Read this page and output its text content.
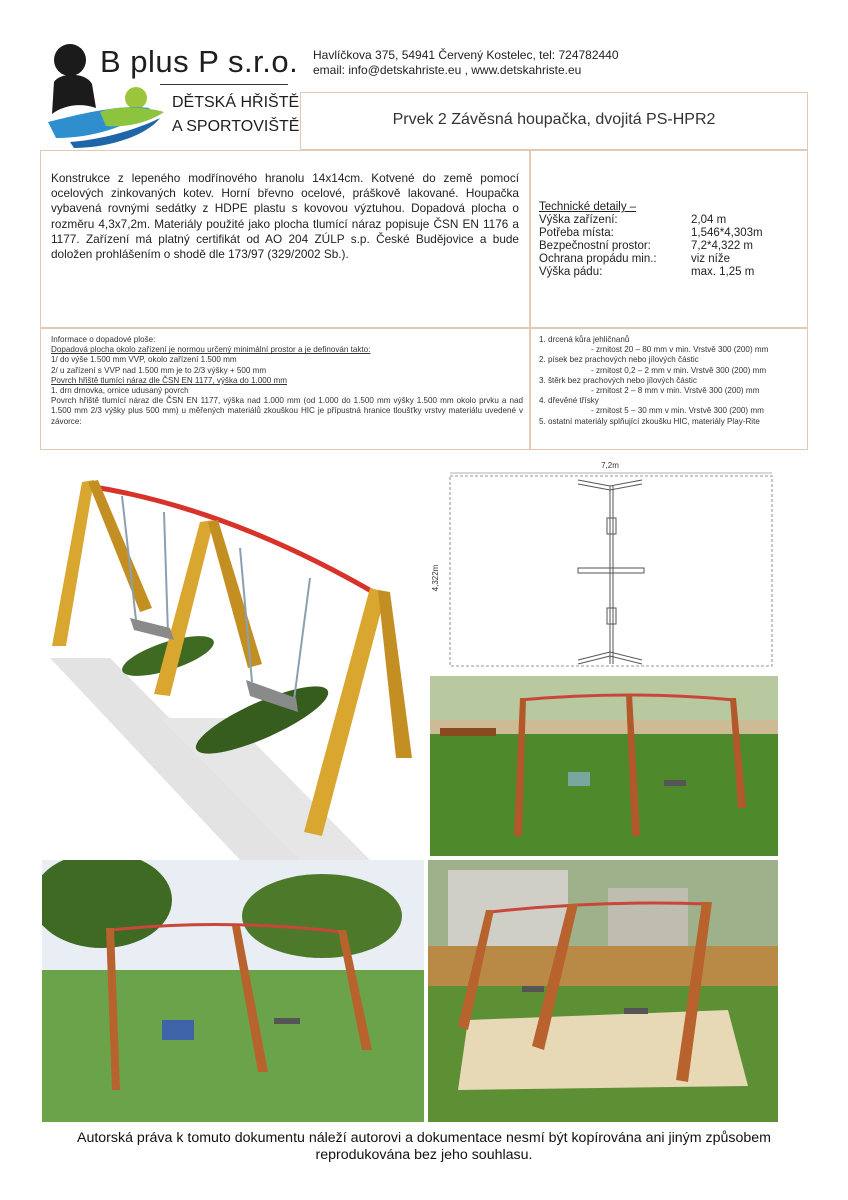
B plus P s.r.o.
DĚTSKÁ HŘIŠTĚ
A SPORTOVIŠTĚ
Havlíčkova 375, 54941 Červený Kostelec, tel: 724782440
email: info@detskahriste.eu , www.detskahriste.eu
Prvek 2 Závěsná houpačka, dvojitá PS-HPR2
Konstrukce z lepeného modřínového hranolu 14x14cm. Kotvené do země pomocí ocelových zinkovaných kotev. Horní břevno ocelové, práškově lakované. Houpačka vybavená rovnými sedátky z HDPE plastu s kovovou výztuhou. Dopadová plocha o rozměru 4,3x7,2m. Materiály použité jako plocha tlumící náraz popisuje ČSN EN 1176 a 1177. Zařízení má platný certifikát od AO 204 ZÚLP s.p. České Budějovice a bude doložen prohlášením o shodě dle 173/97 (329/2002 Sb.).
Technické detaily –
Výška zařízení:	2,04 m
Potřeba místa:	1,546*4,303m
Bezpečnostní prostor:	7,2*4,322 m
Ochrana propádu min.:	viz níže
Výška pádu:	max. 1,25 m
Informace o dopadové ploše:
Dopadová plocha okolo zařízení je normou určený minimální prostor a je definován takto:
1/ do výše 1.500 mm VVP, okolo zařízení 1.500 mm
2/ u zařízení s VVP nad 1.500 mm je to 2/3 výšky + 500 mm
Povrch hřiště tlumící náraz dle ČSN EN 1177, výška do 1.000 mm
1. drn drnovka, ornice udusaný povrch
Povrch hřiště tlumící náraz dle ČSN EN 1177, výška nad 1.000 mm (od 1.000 do 1.500 mm výšky 1.500 mm okolo prvku a nad 1.500 mm 2/3 výšky plus 500 mm) u měřených materiálů zkouškou HIC je přípustná hranice tloušťky vrstvy materiálu uvedené v závorce:
1. drcená kůra jehličnanů
- zrnitost 20 – 80 mm v min. Vrstvě 300 (200) mm
2. písek bez prachových nebo jílových částic
- zrnitost 0,2 – 2 mm v min. Vrstvě 300 (200) mm
3. štěrk bez prachových nebo jílových částic
- zrnitost 2 – 8 mm v min. Vrstvě 300 (200) mm
4. dřevěné třísky
- zrnitost 5 – 30 mm v min. Vrstvě 300 (200) mm
5. ostatní materiály splňující zkoušku HIC, materiály Play-Rite
7,2m
4,322m
Autorská práva k tomuto dokumentu náleží autorovi a dokumentace nesmí být kopírována ani jiným způsobem
reprodukována bez jeho souhlasu.
